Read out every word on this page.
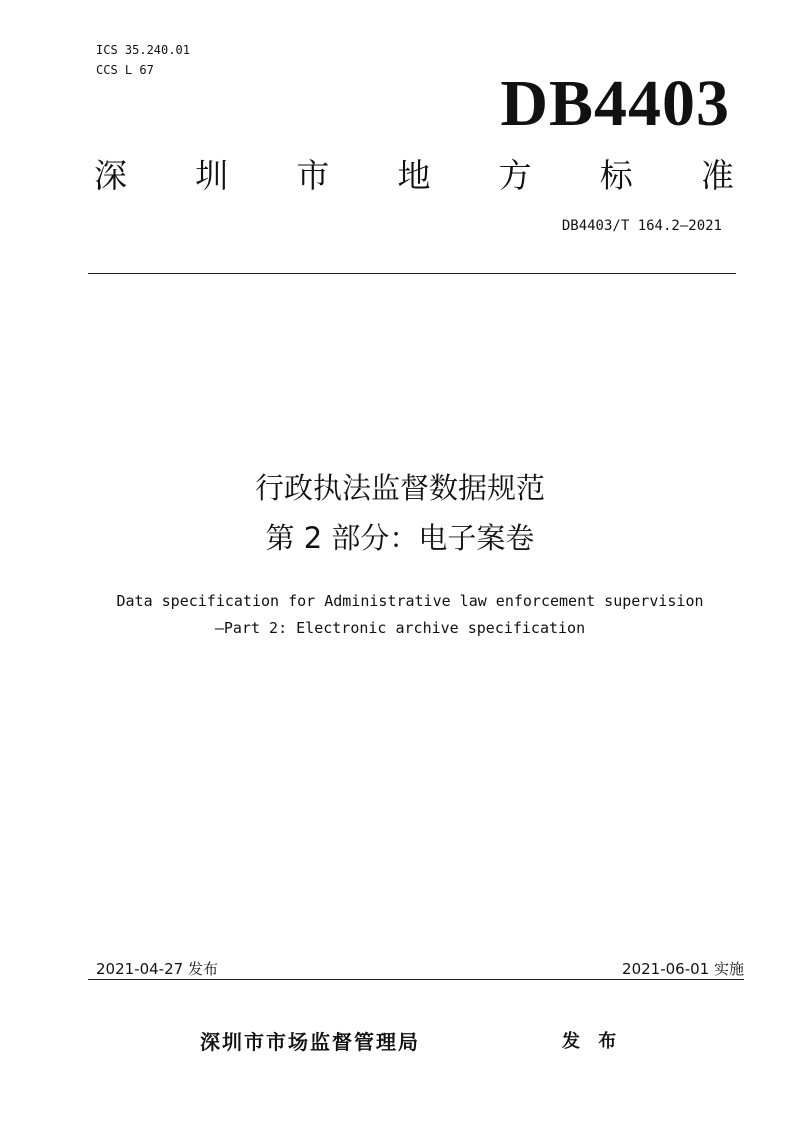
ICS 35.240.01
CCS L 67	DB4403
深 圳 市 地 方 标 准
DB4403/T 164.2—2021
行政执法监督数据规范
第 2 部分：电子案卷
Data specification for Administrative law enforcement supervision
—Part 2: Electronic archive specification
2021-04-27 发布	2021-06-01 实施
深圳市市场监督管理局	发 布
